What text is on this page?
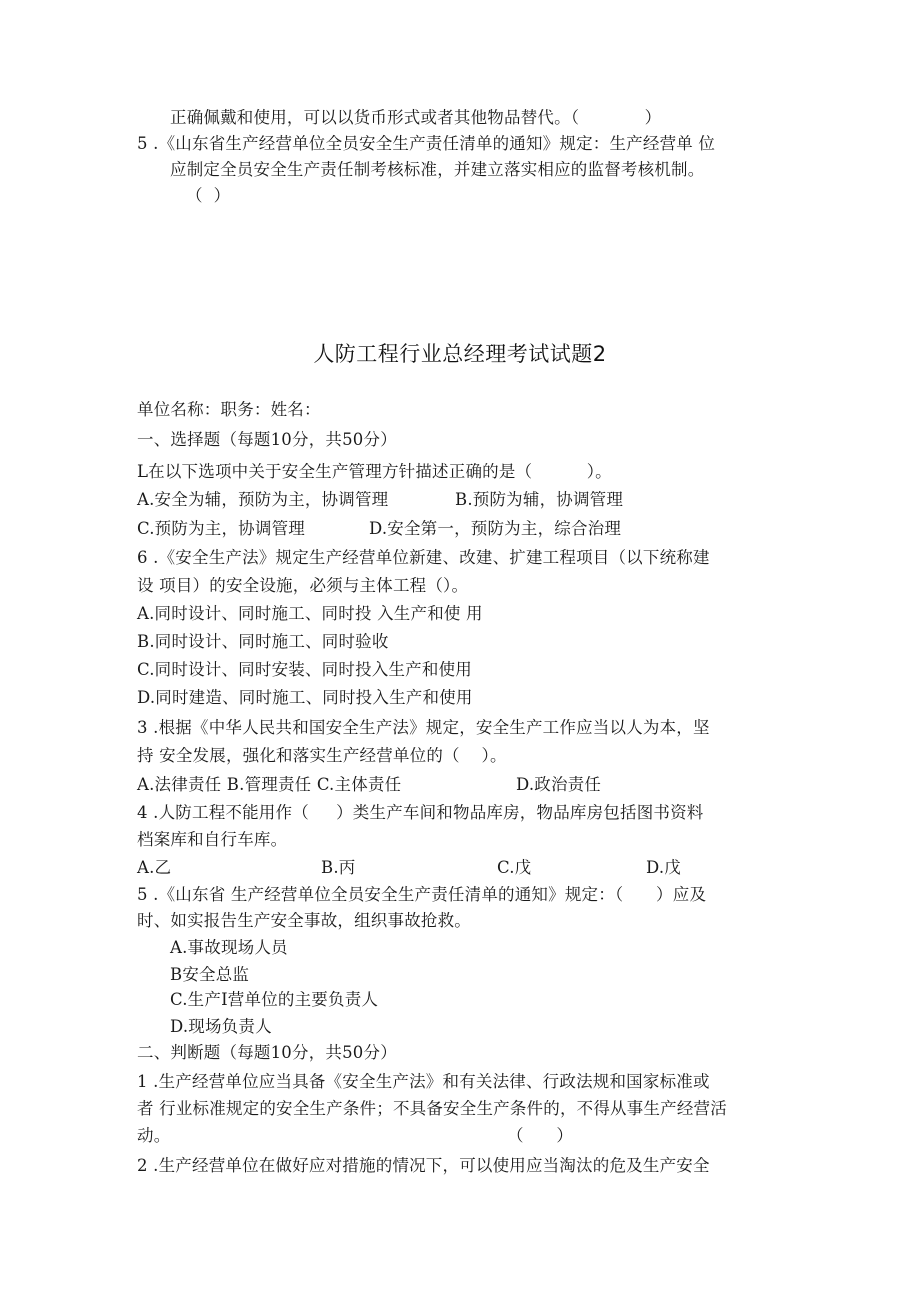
正确佩戴和使用，可以以货币形式或者其他物品替代。（            ）
5 .《山东省生产经营单位全员安全生产责任清单的通知》规定：生产经营单 位
应制定全员安全生产责任制考核标准，并建立落实相应的监督考核机制。
（  ）
人防工程行业总经理考试试题2
单位名称：职务：姓名：
一、选择题（每题10分，共50分）
L在以下选项中关于安全生产管理方针描述正确的是（          ）。
A.安全为辅，预防为主，协调管理	B.预防为辅，协调管理
C.预防为主，协调管理	D.安全第一，预防为主，综合治理
6 .《安全生产法》规定生产经营单位新建、改建、扩建工程项目（以下统称建
设 项目）的安全设施，必须与主体工程（）。
A.同时设计、同时施工、同时投 入生产和使 用
B.同时设计、同时施工、同时验收
C.同时设计、同时安装、同时投入生产和使用
D.同时建造、同时施工、同时投入生产和使用
3 .根据《中华人民共和国安全生产法》规定，安全生产工作应当以人为本，坚
持 安全发展，强化和落实生产经营单位的（    ）。
A.法律责任 B.管理责任 C.主体责任	D.政治责任
4 .人防工程不能用作（     ）类生产车间和物品库房，物品库房包括图书资料
档案库和自行车库。
A.乙	B.丙	C.戊	D.戊
5 .《山东省 生产经营单位全员安全生产责任清单的通知》规定：（      ）应及
时、如实报告生产安全事故，组织事故抢救。
A.事故现场人员
B安全总监
C.生产I营单位的主要负责人
D.现场负责人
二、判断题（每题10分，共50分）
1 .生产经营单位应当具备《安全生产法》和有关法律、行政法规和国家标准或
者 行业标准规定的安全生产条件；不具备安全生产条件的，不得从事生产经营活
动。	（      ）
2 .生产经营单位在做好应对措施的情况下，可以使用应当淘汰的危及生产安全
